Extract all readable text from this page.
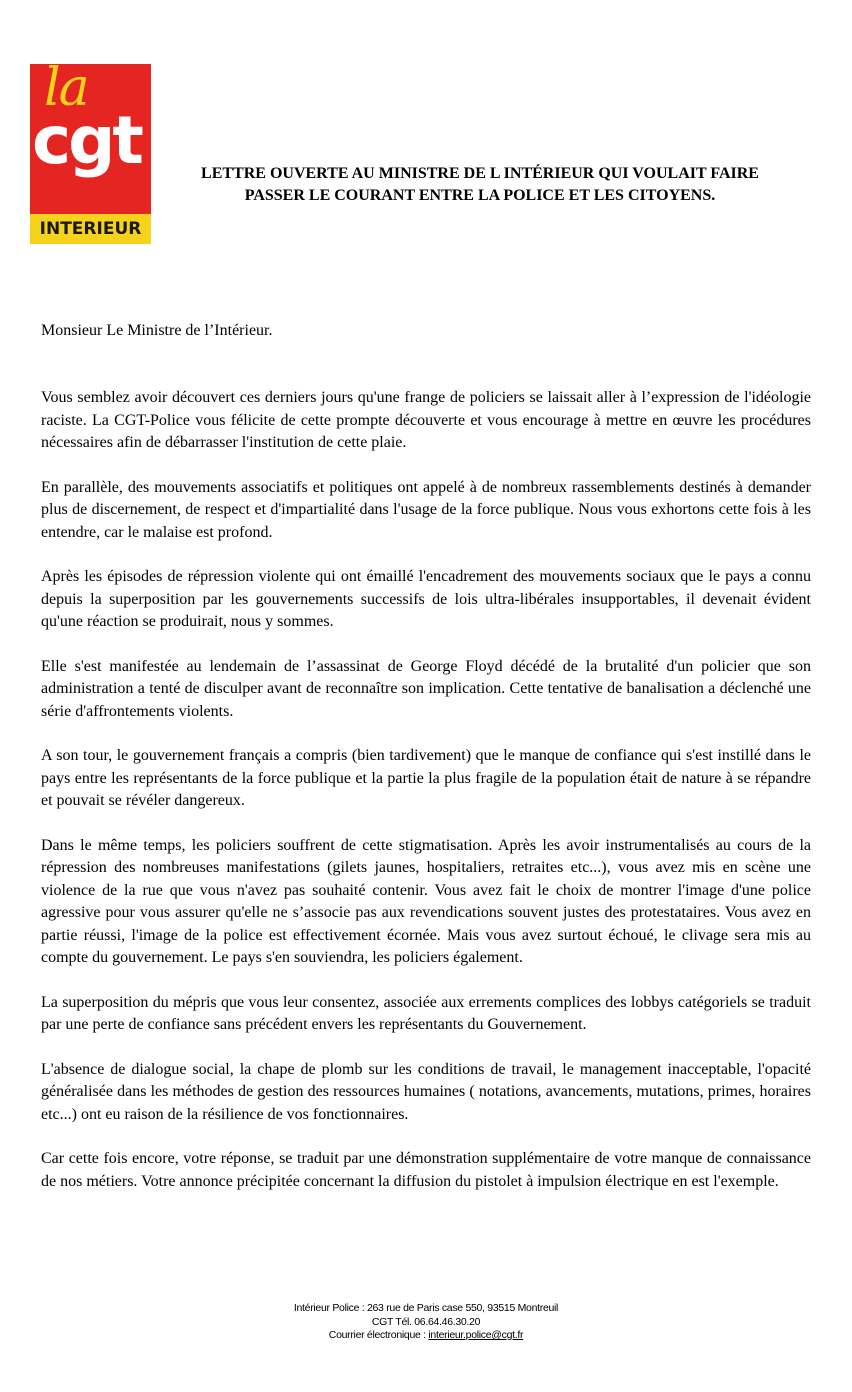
la
cgt
INTERIEUR
LETTRE OUVERTE AU MINISTRE DE L INTÉRIEUR QUI VOULAIT FAIRE
PASSER LE COURANT ENTRE LA POLICE ET LES CITOYENS.

Monsieur Le Ministre de l’Intérieur.

Vous semblez avoir découvert ces derniers jours qu'une frange de policiers se laissait aller à l’expression de l'idéologie raciste. La CGT-Police vous félicite de cette prompte découverte et vous encourage à mettre en œuvre les procédures nécessaires afin de débarrasser l'institution de cette plaie.

En parallèle, des mouvements associatifs et politiques ont appelé à de nombreux rassemblements destinés à demander plus de discernement, de respect et d'impartialité dans l'usage de la force publique. Nous vous exhortons cette fois à les entendre, car le malaise est profond.

Après les épisodes de répression violente qui ont émaillé l'encadrement des mouvements sociaux que le pays a connu depuis la superposition par les gouvernements successifs de lois ultra-libérales insupportables, il devenait évident qu'une réaction se produirait, nous y sommes.

Elle s'est manifestée au lendemain de l’assassinat de George Floyd décédé de la brutalité d'un policier que son administration a tenté de disculper avant de reconnaître son implication. Cette tentative de banalisation a déclenché une série d'affrontements violents.

A son tour, le gouvernement français a compris (bien tardivement) que le manque de confiance qui s'est instillé dans le pays entre les représentants de la force publique et la partie la plus fragile de la population était de nature à se répandre et pouvait se révéler dangereux.

Dans le même temps, les policiers souffrent de cette stigmatisation. Après les avoir instrumentalisés au cours de la répression des nombreuses manifestations (gilets jaunes, hospitaliers, retraites etc...), vous avez mis en scène une violence de la rue que vous n'avez pas souhaité contenir. Vous avez fait le choix de montrer l'image d'une police agressive pour vous assurer qu'elle ne s’associe pas aux revendications souvent justes des protestataires. Vous avez en partie réussi, l'image de la police est effectivement écornée. Mais vous avez surtout échoué, le clivage sera mis au compte du gouvernement. Le pays s'en souviendra, les policiers également.

La superposition du mépris que vous leur consentez, associée aux errements complices des lobbys catégoriels se traduit par une perte de confiance sans précédent envers les représentants du Gouvernement.

L'absence de dialogue social, la chape de plomb sur les conditions de travail, le management inacceptable, l'opacité généralisée dans les méthodes de gestion des ressources humaines ( notations, avancements, mutations, primes, horaires etc...) ont eu raison de la résilience de vos fonctionnaires.

Car cette fois encore, votre réponse, se traduit par une démonstration supplémentaire de votre manque de connaissance de nos métiers. Votre annonce précipitée concernant la diffusion du pistolet à impulsion électrique en est l'exemple.

Intérieur Police : 263 rue de Paris case 550, 93515 Montreuil
CGT Tél. 06.64.46.30.20
Courrier électronique : interieur.police@cgt.fr
